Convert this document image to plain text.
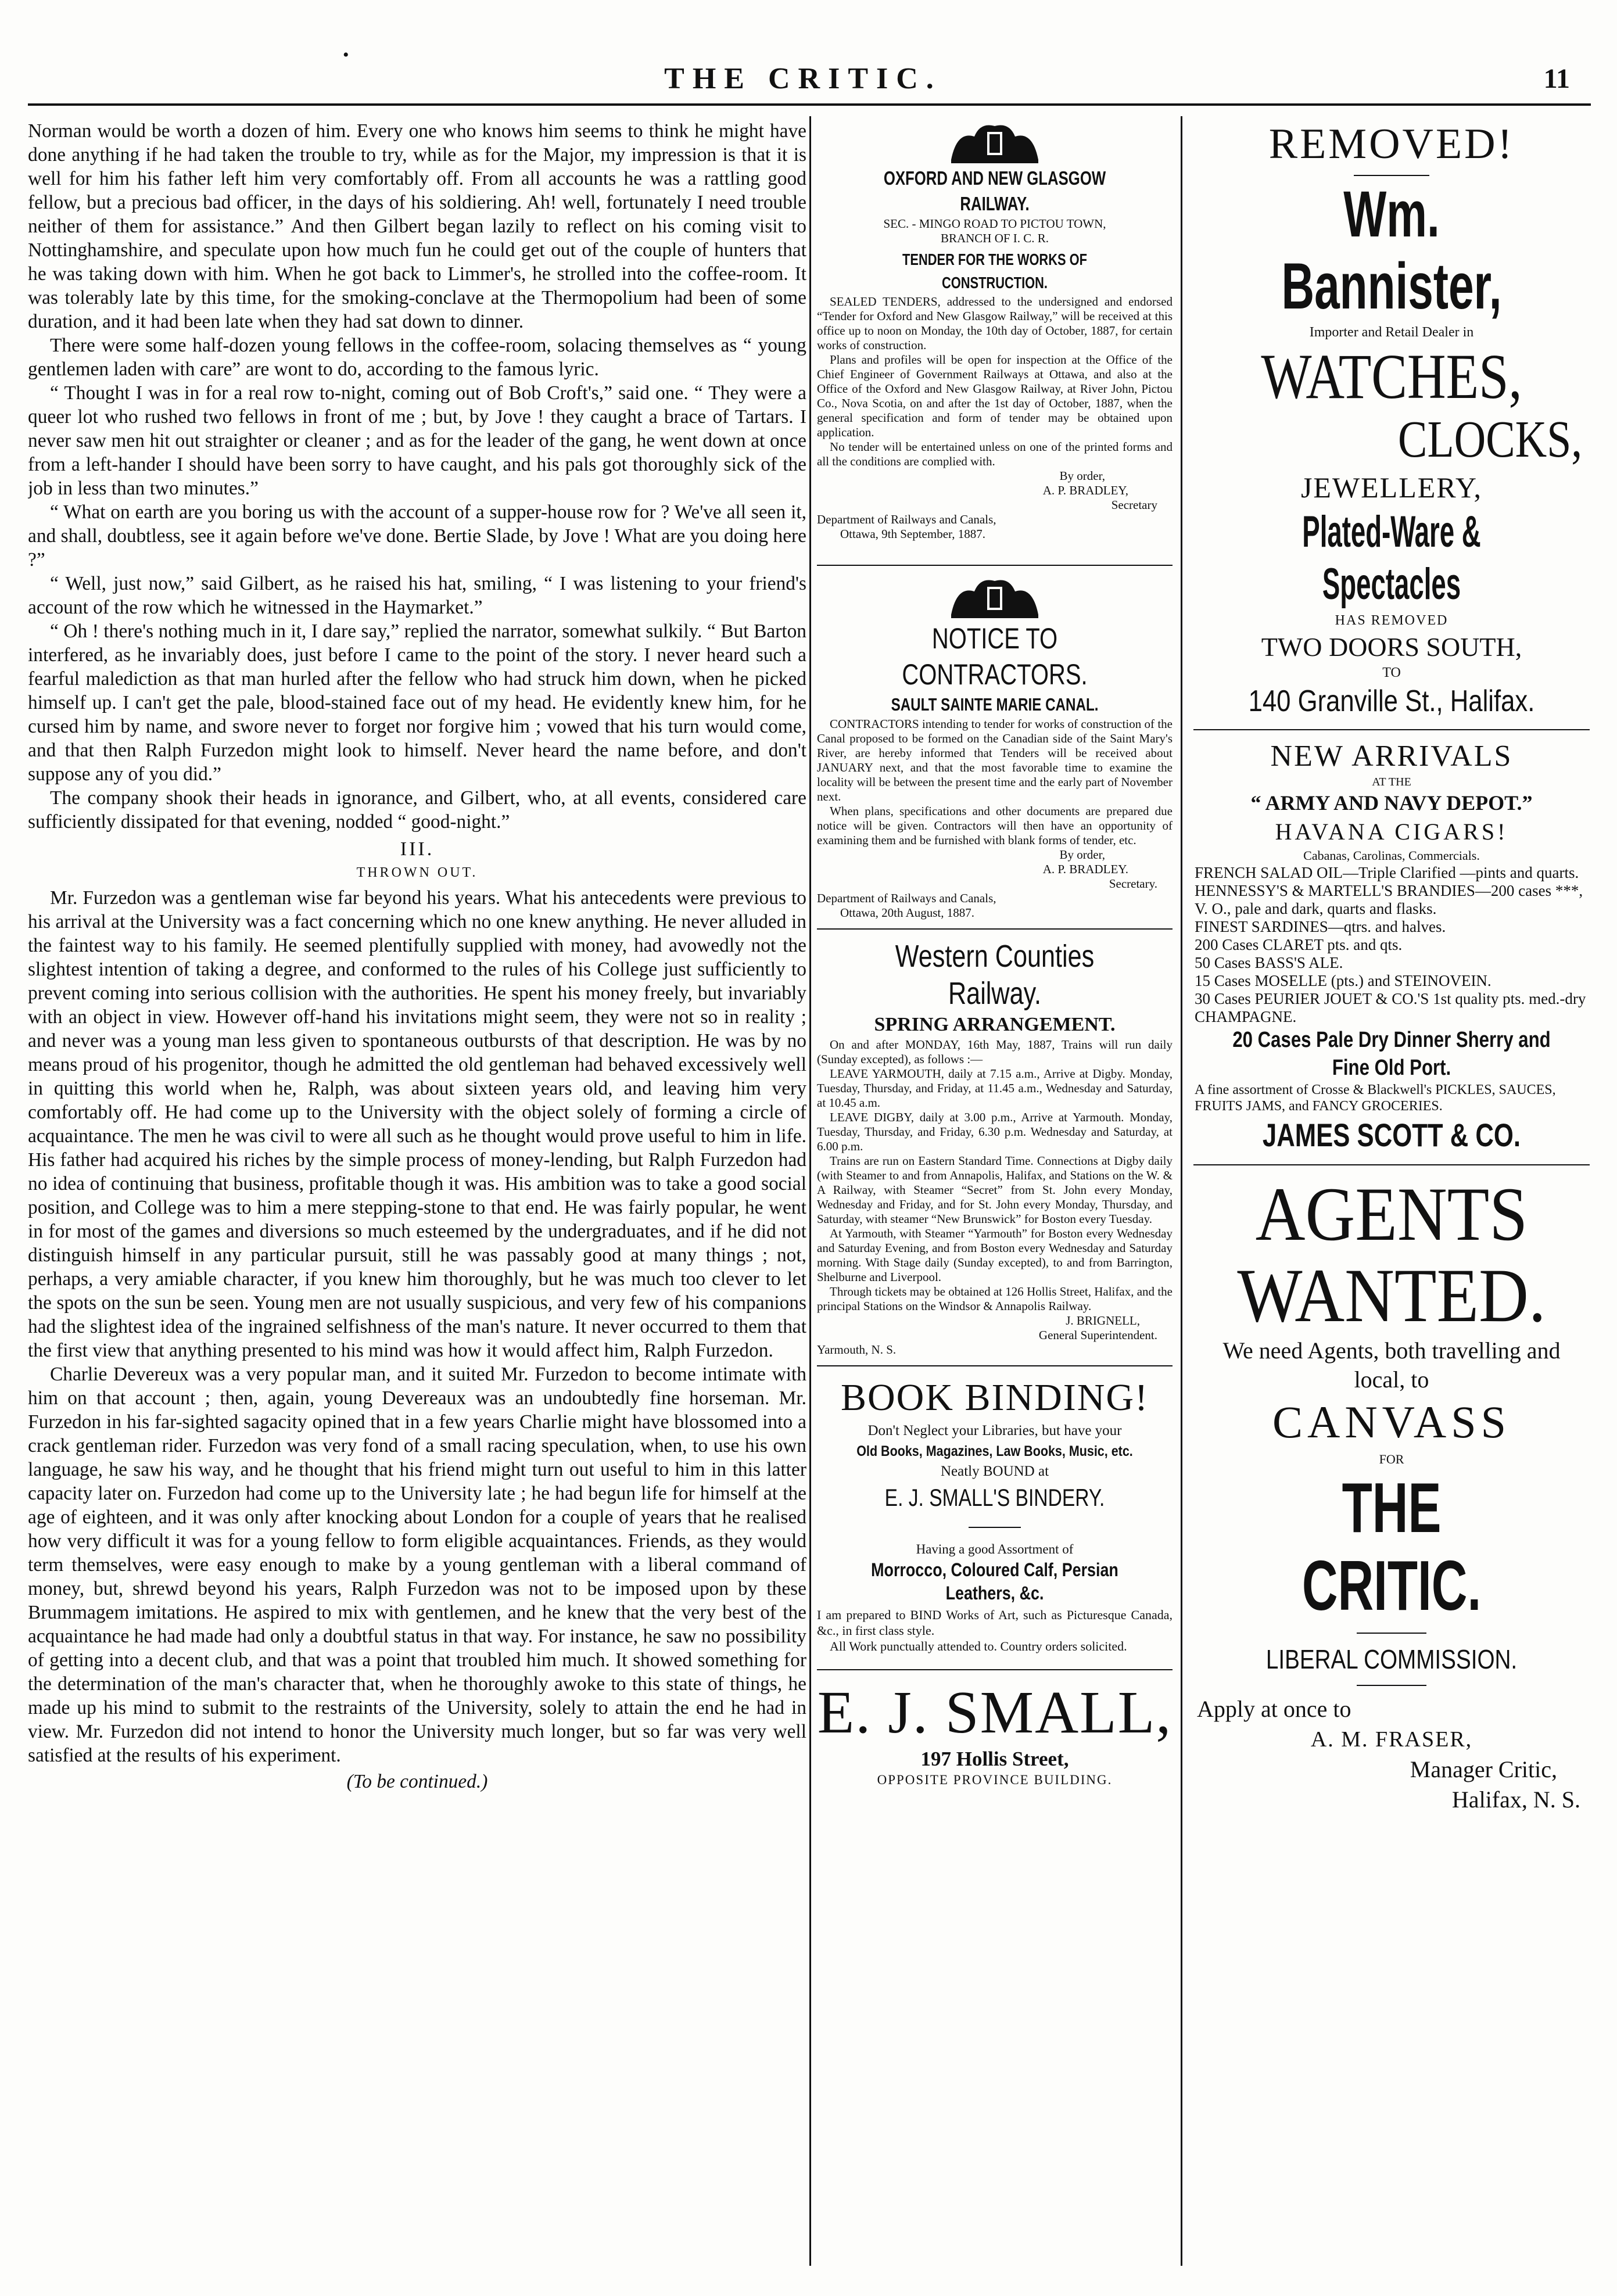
•
THE CRITIC.	11

Norman would be worth a dozen of him. Every one who knows him seems to think he might have done anything if he had taken the trouble to try, while as for the Major, my impression is that it is well for him his father left him very comfortably off. From all accounts he was a rattling good fellow, but a precious bad officer, in the days of his soldiering. Ah! well, fortunately I need trouble neither of them for assistance.” And then Gilbert began lazily to reflect on his coming visit to Nottinghamshire, and speculate upon how much fun he could get out of the couple of hunters that he was taking down with him. When he got back to Limmer's, he strolled into the coffee-room. It was tolerably late by this time, for the smoking-conclave at the Thermopolium had been of some duration, and it had been late when they had sat down to dinner.

There were some half-dozen young fellows in the coffee-room, solacing themselves as “ young gentlemen laden with care” are wont to do, according to the famous lyric.

“ Thought I was in for a real row to-night, coming out of Bob Croft's,” said one. “ They were a queer lot who rushed two fellows in front of me ; but, by Jove ! they caught a brace of Tartars. I never saw men hit out straighter or cleaner ; and as for the leader of the gang, he went down at once from a left-hander I should have been sorry to have caught, and his pals got thoroughly sick of the job in less than two minutes.”

“ What on earth are you boring us with the account of a supper-house row for ? We've all seen it, and shall, doubtless, see it again before we've done. Bertie Slade, by Jove ! What are you doing here ?”

“ Well, just now,” said Gilbert, as he raised his hat, smiling, “ I was listening to your friend's account of the row which he witnessed in the Haymarket.”

“ Oh ! there's nothing much in it, I dare say,” replied the narrator, somewhat sulkily. “ But Barton interfered, as he invariably does, just before I came to the point of the story. I never heard such a fearful malediction as that man hurled after the fellow who had struck him down, when he picked himself up. I can't get the pale, blood-stained face out of my head. He evidently knew him, for he cursed him by name, and swore never to forget nor forgive him ; vowed that his turn would come, and that then Ralph Furzedon might look to himself. Never heard the name before, and don't suppose any of you did.”

The company shook their heads in ignorance, and Gilbert, who, at all events, considered care sufficiently dissipated for that evening, nodded “ good-night.”

III.

THROWN OUT.

Mr. Furzedon was a gentleman wise far beyond his years. What his antecedents were previous to his arrival at the University was a fact concerning which no one knew anything. He never alluded in the faintest way to his family. He seemed plentifully supplied with money, had avowedly not the slightest intention of taking a degree, and conformed to the rules of his College just sufficiently to prevent coming into serious collision with the authorities. He spent his money freely, but invariably with an object in view. However off-hand his invitations might seem, they were not so in reality ; and never was a young man less given to spontaneous outbursts of that description. He was by no means proud of his progenitor, though he admitted the old gentleman had behaved excessively well in quitting this world when he, Ralph, was about sixteen years old, and leaving him very comfortably off. He had come up to the University with the object solely of forming a circle of acquaintance. The men he was civil to were all such as he thought would prove useful to him in life. His father had acquired his riches by the simple process of money-lending, but Ralph Furzedon had no idea of continuing that business, profitable though it was. His ambition was to take a good social position, and College was to him a mere stepping-stone to that end. He was fairly popular, he went in for most of the games and diversions so much esteemed by the undergraduates, and if he did not distinguish himself in any particular pursuit, still he was passably good at many things ; not, perhaps, a very amiable character, if you knew him thoroughly, but he was much too clever to let the spots on the sun be seen. Young men are not usually suspicious, and very few of his companions had the slightest idea of the ingrained selfishness of the man's nature. It never occurred to them that the first view that anything presented to his mind was how it would affect him, Ralph Furzedon.

Charlie Devereux was a very popular man, and it suited Mr. Furzedon to become intimate with him on that account ; then, again, young Devereaux was an undoubtedly fine horseman. Mr. Furzedon in his far-sighted sagacity opined that in a few years Charlie might have blossomed into a crack gentleman rider. Furzedon was very fond of a small racing speculation, when, to use his own language, he saw his way, and he thought that his friend might turn out useful to him in this latter capacity later on. Furzedon had come up to the University late ; he had begun life for himself at the age of eighteen, and it was only after knocking about London for a couple of years that he realised how very difficult it was for a young fellow to form eligible acquaintances. Friends, as they would term themselves, were easy enough to make by a young gentleman with a liberal command of money, but, shrewd beyond his years, Ralph Furzedon was not to be imposed upon by these Brummagem imitations. He aspired to mix with gentlemen, and he knew that the very best of the acquaintance he had made had only a doubtful status in that way. For instance, he saw no possibility of getting into a decent club, and that was a point that troubled him much. It showed something for the determination of the man's character that, when he thoroughly awoke to this state of things, he made up his mind to submit to the restraints of the University, solely to attain the end he had in view. Mr. Furzedon did not intend to honor the University much longer, but so far was very well satisfied at the results of his experiment.

(To be continued.)

OXFORD AND NEW GLASGOW RAILWAY.
SEC. - MINGO ROAD TO PICTOU TOWN,
BRANCH OF I. C. R.
TENDER FOR THE WORKS OF CONSTRUCTION.

SEALED TENDERS, addressed to the undersigned and endorsed “Tender for Oxford and New Glasgow Railway,” will be received at this office up to noon on Monday, the 10th day of October, 1887, for certain works of construction.

Plans and profiles will be open for inspection at the Office of the Chief Engineer of Government Railways at Ottawa, and also at the Office of the Oxford and New Glasgow Railway, at River John, Pictou Co., Nova Scotia, on and after the 1st day of October, 1887, when the general specification and form of tender may be obtained upon application.

No tender will be entertained unless on one of the printed forms and all the conditions are complied with.

By order,
A. P. BRADLEY,
Secretary
Department of Railways and Canals,
Ottawa, 9th September, 1887.
NOTICE TO CONTRACTORS.
SAULT SAINTE MARIE CANAL.

CONTRACTORS intending to tender for works of construction of the Canal proposed to be formed on the Canadian side of the Saint Mary's River, are hereby informed that Tenders will be received about JANUARY next, and that the most favorable time to examine the locality will be between the present time and the early part of November next.

When plans, specifications and other documents are prepared due notice will be given. Contractors will then have an opportunity of examining them and be furnished with blank forms of tender, etc.

By order,
A. P. BRADLEY.
Secretary.
Department of Railways and Canals,
Ottawa, 20th August, 1887.
Western Counties Railway.
SPRING ARRANGEMENT.

On and after MONDAY, 16th May, 1887, Trains will run daily (Sunday excepted), as follows :—

LEAVE YARMOUTH, daily at 7.15 a.m., Arrive at Digby. Monday, Tuesday, Thursday, and Friday, at 11.45 a.m., Wednesday and Saturday, at 10.45 a.m.

LEAVE DIGBY, daily at 3.00 p.m., Arrive at Yarmouth. Monday, Tuesday, Thursday, and Friday, 6.30 p.m. Wednesday and Saturday, at 6.00 p.m.

Trains are run on Eastern Standard Time. Connections at Digby daily (with Steamer to and from Annapolis, Halifax, and Stations on the W. & A Railway, with Steamer “Secret” from St. John every Monday, Wednesday and Friday, and for St. John every Monday, Thursday, and Saturday, with steamer “New Brunswick” for Boston every Tuesday.

At Yarmouth, with Steamer “Yarmouth” for Boston every Wednesday and Saturday Evening, and from Boston every Wednesday and Saturday morning. With Stage daily (Sunday excepted), to and from Barrington, Shelburne and Liverpool.

Through tickets may be obtained at 126 Hollis Street, Halifax, and the principal Stations on the Windsor & Annapolis Railway.

J. BRIGNELL,
General Superintendent.
Yarmouth, N. S.
BOOK BINDING!
Don't Neglect your Libraries, but have your
Old Books, Magazines, Law Books, Music, etc.
Neatly BOUND at
E. J. SMALL'S BINDERY.
Having a good Assortment of
Morrocco, Coloured Calf, Persian Leathers, &c.

I am prepared to BIND Works of Art, such as Picturesque Canada, &c., in first class style.

All Work punctually attended to. Country orders solicited.

E. J. SMALL,
197 Hollis Street,
OPPOSITE PROVINCE BUILDING.
REMOVED!
Wm. Bannister,
Importer and Retail Dealer in
WATCHES,
CLOCKS,
JEWELLERY,
Plated-Ware & Spectacles
HAS REMOVED
TWO DOORS SOUTH,
TO
140 Granville St., Halifax.
NEW ARRIVALS
AT THE
“ ARMY AND NAVY DEPOT.”
HAVANA CIGARS!
Cabanas, Carolinas, Commercials.
FRENCH SALAD OIL—Triple Clarified —pints and quarts.
HENNESSY'S & MARTELL'S BRANDIES—200 cases ***, V. O., pale and dark, quarts and flasks.
FINEST SARDINES—qtrs. and halves.
200 Cases CLARET pts. and qts.
50 Cases BASS'S ALE.
15 Cases MOSELLE (pts.) and STEINOVEIN.
30 Cases PEURIER JOUET & CO.'S 1st quality pts. med.-dry CHAMPAGNE.
20 Cases Pale Dry Dinner Sherry and Fine Old Port.
A fine assortment of Crosse & Blackwell's PICKLES, SAUCES, FRUITS JAMS, and FANCY GROCERIES.
JAMES SCOTT & CO.
AGENTS
WANTED.
We need Agents, both travelling and local, to
CANVASS
FOR
THE CRITIC.
LIBERAL COMMISSION.
Apply at once to
A. M. FRASER,
Manager Critic,
Halifax, N. S.
